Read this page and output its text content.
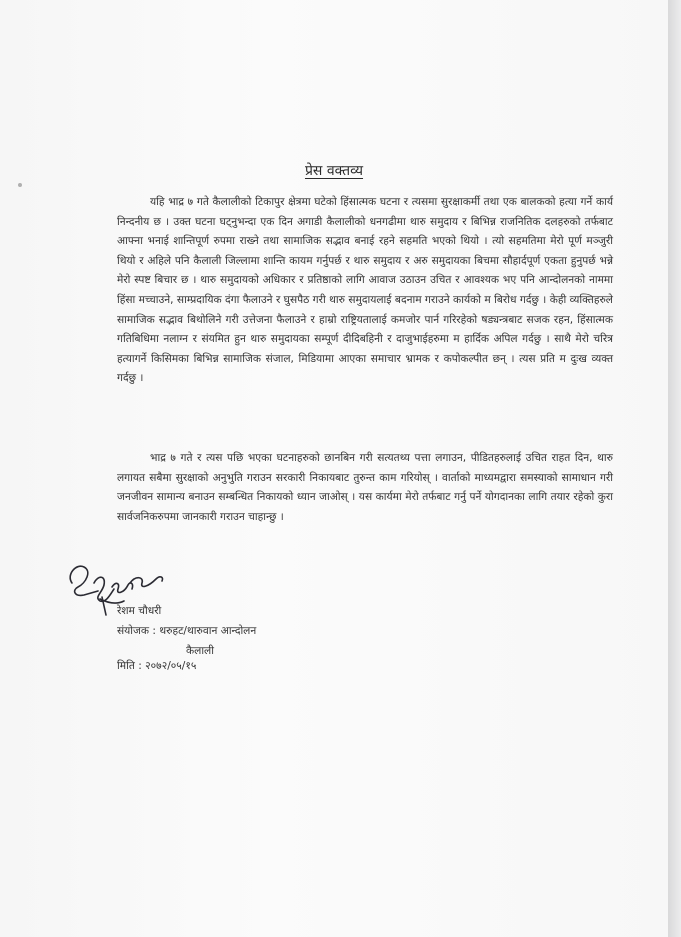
प्रेस वक्तव्य

यहि भाद्र ७ गते कैलालीको टिकापुर क्षेत्रमा घटेको हिंसात्मक घटना र त्यसमा सुरक्षाकर्मी तथा एक बालकको हत्या गर्ने कार्य निन्दनीय छ । उक्त घटना घट्नुभन्दा एक दिन अगाडी कैलालीको धनगढीमा थारु समुदाय र बिभिन्न राजनितिक दलहरुको तर्फबाट आफ्ना भनाई शान्तिपूर्ण रुपमा राख्ने तथा सामाजिक सद्भाव बनाई रहने सहमति भएको थियो । त्यो सहमतिमा मेरो पूर्ण मञ्जुरी थियो र अहिले पनि कैलाली जिल्लामा शान्ति कायम गर्नुपर्छ र थारु समुदाय र अरु समुदायका बिचमा सौहार्दपूर्ण एकता हुनुपर्छ भन्ने मेरो स्पष्ट बिचार छ । थारु समुदायको अधिकार र प्रतिष्ठाको लागि आवाज उठाउन उचित र आवश्यक भए पनि आन्दोलनको नाममा हिंसा मच्चाउने, साम्प्रदायिक दंगा फैलाउने र घुसपैठ गरी थारु समुदायलाई बदनाम गराउने कार्यको म बिरोध गर्दछु । केही व्यक्तिहरुले सामाजिक सद्भाव बिथोलिने गरी उत्तेजना फैलाउने र हाम्रो राष्ट्रियतालाई कमजोर पार्न गरिरहेको षड्यन्त्रबाट सजक रहन, हिंसात्मक गतिबिधिमा नलाग्न र संयमित हुन थारु समुदायका सम्पूर्ण दीदिबहिनी र दाजुभाईहरुमा म हार्दिक अपिल गर्दछु । साथै मेरो चरित्र हत्यागर्ने किसिमका बिभिन्न सामाजिक संजाल, मिडियामा आएका समाचार भ्रामक र कपोकल्पीत छन् । त्यस प्रति म दुःख व्यक्त गर्दछु ।

भाद्र ७ गते र त्यस पछि भएका घटनाहरुको छानबिन गरी सत्यतथ्य पत्ता लगाउन, पीडितहरुलाई उचित राहत दिन, थारु लगायत सबैमा सुरक्षाको अनुभुति गराउन सरकारी निकायबाट तुरुन्त काम गरियोस् । वार्ताको माध्यमद्वारा समस्याको सामाधान गरी जनजीवन सामान्य बनाउन सम्बन्धित निकायको ध्यान जाओस् । यस कार्यमा मेरो तर्फबाट गर्नु पर्ने योगदानका लागि तयार रहेको कुरा सार्वजनिकरुपमा जानकारी गराउन चाहान्छु ।

रेशम चौधरी
संयोजक : थरुहट/थारुवान आन्दोलन
कैलाली
मिति : २०७२/०५/१५
